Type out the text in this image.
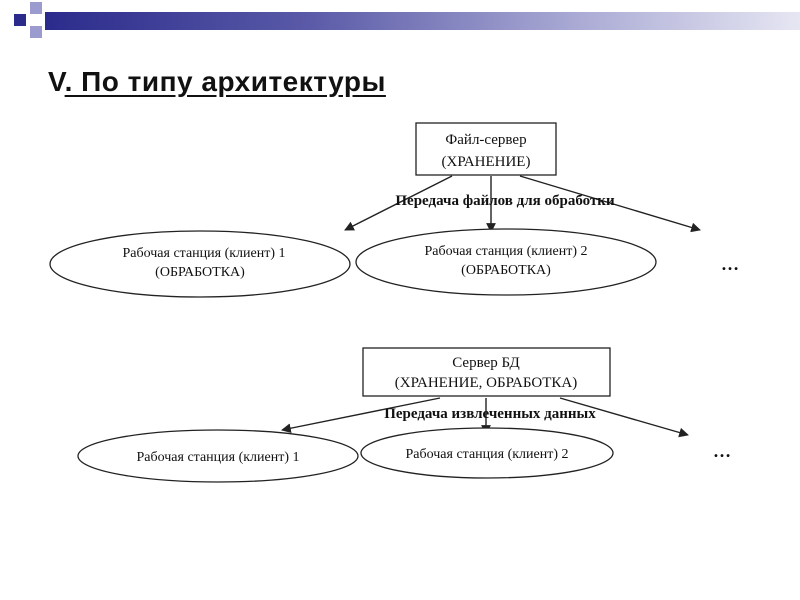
V. По типу архитектуры
Файл-сервер
(ХРАНЕНИЕ)
Передача файлов для обработки
Рабочая станция (клиент) 1
(ОБРАБОТКА)
Рабочая станция (клиент) 2
(ОБРАБОТКА)	…
Сервер БД
(ХРАНЕНИЕ, ОБРАБОТКА)
Передача извлеченных данных
Рабочая станция (клиент) 1	Рабочая станция (клиент) 2	…
